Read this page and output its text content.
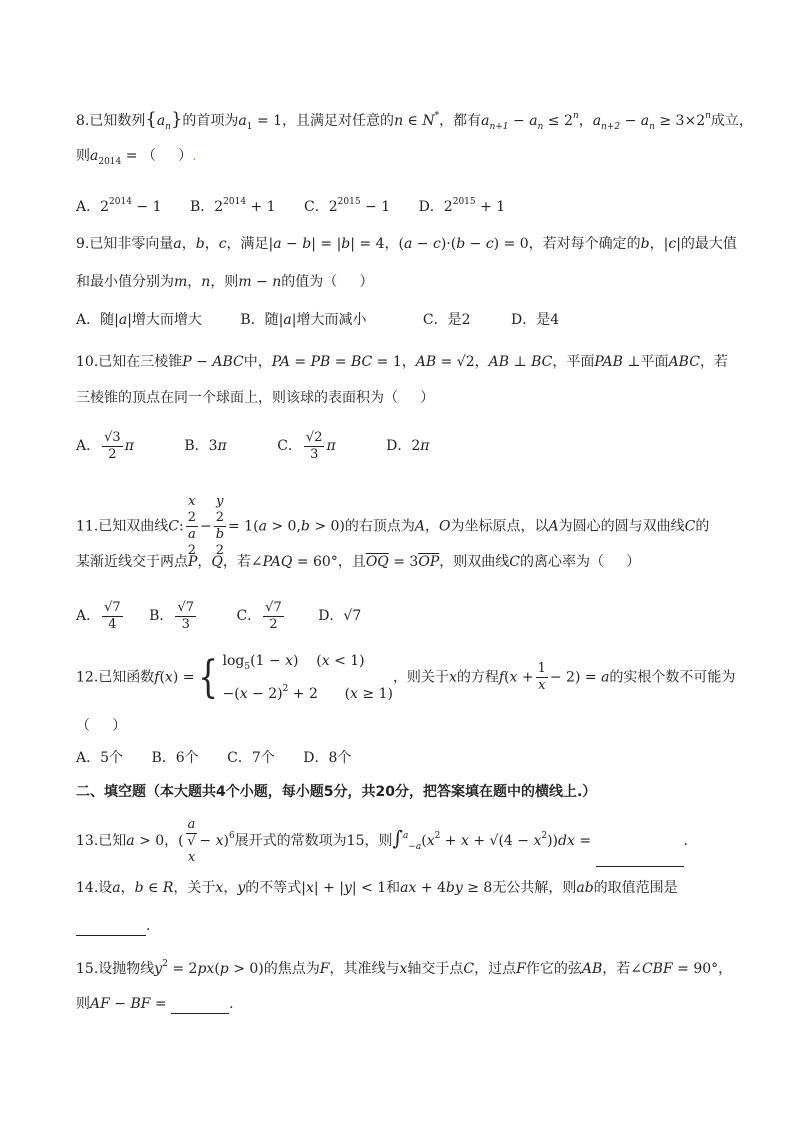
8.已知数列$\{a_n\}$的首项为$a_1 = 1$，且满足对任意的n ∈ N*，都有$a_{n+1} - a_n \le 2^n$，$a_{n+2} - a_n \ge 3\times 2^n$成立，
则$a_{2014}$ = （     ）.
A．$2^{2014} - 1$ B．$2^{2014} + 1$ C．$2^{2015} - 1$ D．$2^{2015} + 1$
9.已知非零向量a，b，c，满足|a − b| = |b| = 4，(a − c)·(b − c) = 0，若对每个确定的b，|c|的最大值
和最小值分别为m，n，则m − n的值为（     ）
A．随|a|增大而增大	B．随|a|增大而减小	C．是2	D．是4
10.已知在三棱锥P − ABC中，PA = PB = BC = 1，AB = √2，AB ⊥ BC，平面PAB ⊥平面ABC，若
三棱锥的顶点在同一个球面上，则该球的表面积为（     ）
A． $\frac{√3}{2}$ π	B．3π	C． $\frac{√2}{3}$ π	D．2π
11.已知双曲线C: x
2
a
2 − y
2
b
2 = 1(a > 0,b > 0)的右顶点为A，O为坐标原点，以A为圆心的圆与双曲线C的
某渐近线交于两点P，Q，若∠PAQ = 60°，且$\overline{OQ} = 3\overline{OP}$，则双曲线C的离心率为（     ）
A． $\frac{√7}{4}$ B． $\frac{√7}{3}$	C． $\frac{√7}{2}$ D．√7
12.已知函数f(x) ={ $\log_5(1 - x)$    (x < 1)
$-(x - 2)^2 + 2$      (x ≥ 1)
，则关于x的方程$f(x + \frac{1}{x} - 2) = a$的实根个数不可能为
（     ）
A．5个 B．6个 C．7个 D．8个
二、填空题（本大题共4个小题，每小题5分，共20分，把答案填在题中的横线上.）
13.已知a > 0，( a
√
x − x)$^6$展开式的常数项为15，则$\int^a_{-a}(x^2 + x + √(4 - x^2))dx$ =	.
14.设a，b ∈ R，关于x，y的不等式|x| + |y| < 1和ax + 4by ≥ 8无公共解，则ab的取值范围是
.
15.设抛物线$y^2 = 2px(p > 0)$的焦点为F，其准线与x轴交于点C，过点F作它的弦AB，若∠CBF = 90°，
则AF − BF =	.
